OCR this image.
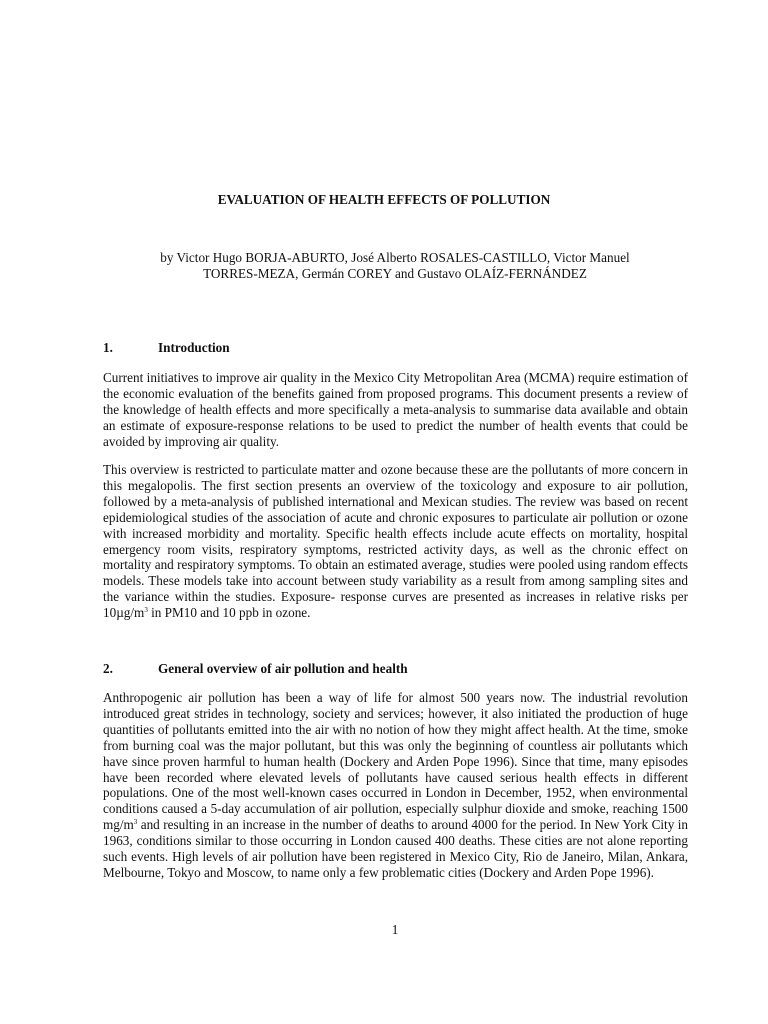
EVALUATION OF HEALTH EFFECTS OF POLLUTION
by Victor Hugo BORJA-ABURTO, José Alberto ROSALES-CASTILLO, Victor Manuel
TORRES-MEZA, Germán COREY and Gustavo OLAÍZ-FERNÁNDEZ
1.	Introduction

Current initiatives to improve air quality in the Mexico City Metropolitan Area (MCMA) require estimation of the economic evaluation of the benefits gained from proposed programs. This document presents a review of the knowledge of health effects and more specifically a meta-analysis to summarise data available and obtain an estimate of exposure-response relations to be used to predict the number of health events that could be avoided by improving air quality.

This overview is restricted to particulate matter and ozone because these are the pollutants of more concern in this megalopolis. The first section presents an overview of the toxicology and exposure to air pollution, followed by a meta-analysis of published international and Mexican studies. The review was based on recent epidemiological studies of the association of acute and chronic exposures to particulate air pollution or ozone with increased morbidity and mortality. Specific health effects include acute effects on mortality, hospital emergency room visits, respiratory symptoms, restricted activity days, as well as the chronic effect on mortality and respiratory symptoms. To obtain an estimated average, studies were pooled using random effects models. These models take into account between study variability as a result from among sampling sites and the variance within the studies. Exposure- response curves are presented as increases in relative risks per $10\mu g/m^3$ in PM10 and 10 ppb in ozone.

2.	General overview of air pollution and health

Anthropogenic air pollution has been a way of life for almost 500 years now. The industrial revolution introduced great strides in technology, society and services; however, it also initiated the production of huge quantities of pollutants emitted into the air with no notion of how they might affect health. At the time, smoke from burning coal was the major pollutant, but this was only the beginning of countless air pollutants which have since proven harmful to human health (Dockery and Arden Pope 1996). Since that time, many episodes have been recorded where elevated levels of pollutants have caused serious health effects in different populations. One of the most well-known cases occurred in London in December, 1952, when environmental conditions caused a 5-day accumulation of air pollution, especially sulphur dioxide and smoke, reaching 1500 $mg/m^3$ and resulting in an increase in the number of deaths to around 4000 for the period. In New York City in 1963, conditions similar to those occurring in London caused 400 deaths. These cities are not alone reporting such events. High levels of air pollution have been registered in Mexico City, Rio de Janeiro, Milan, Ankara, Melbourne, Tokyo and Moscow, to name only a few problematic cities (Dockery and Arden Pope 1996).

1
